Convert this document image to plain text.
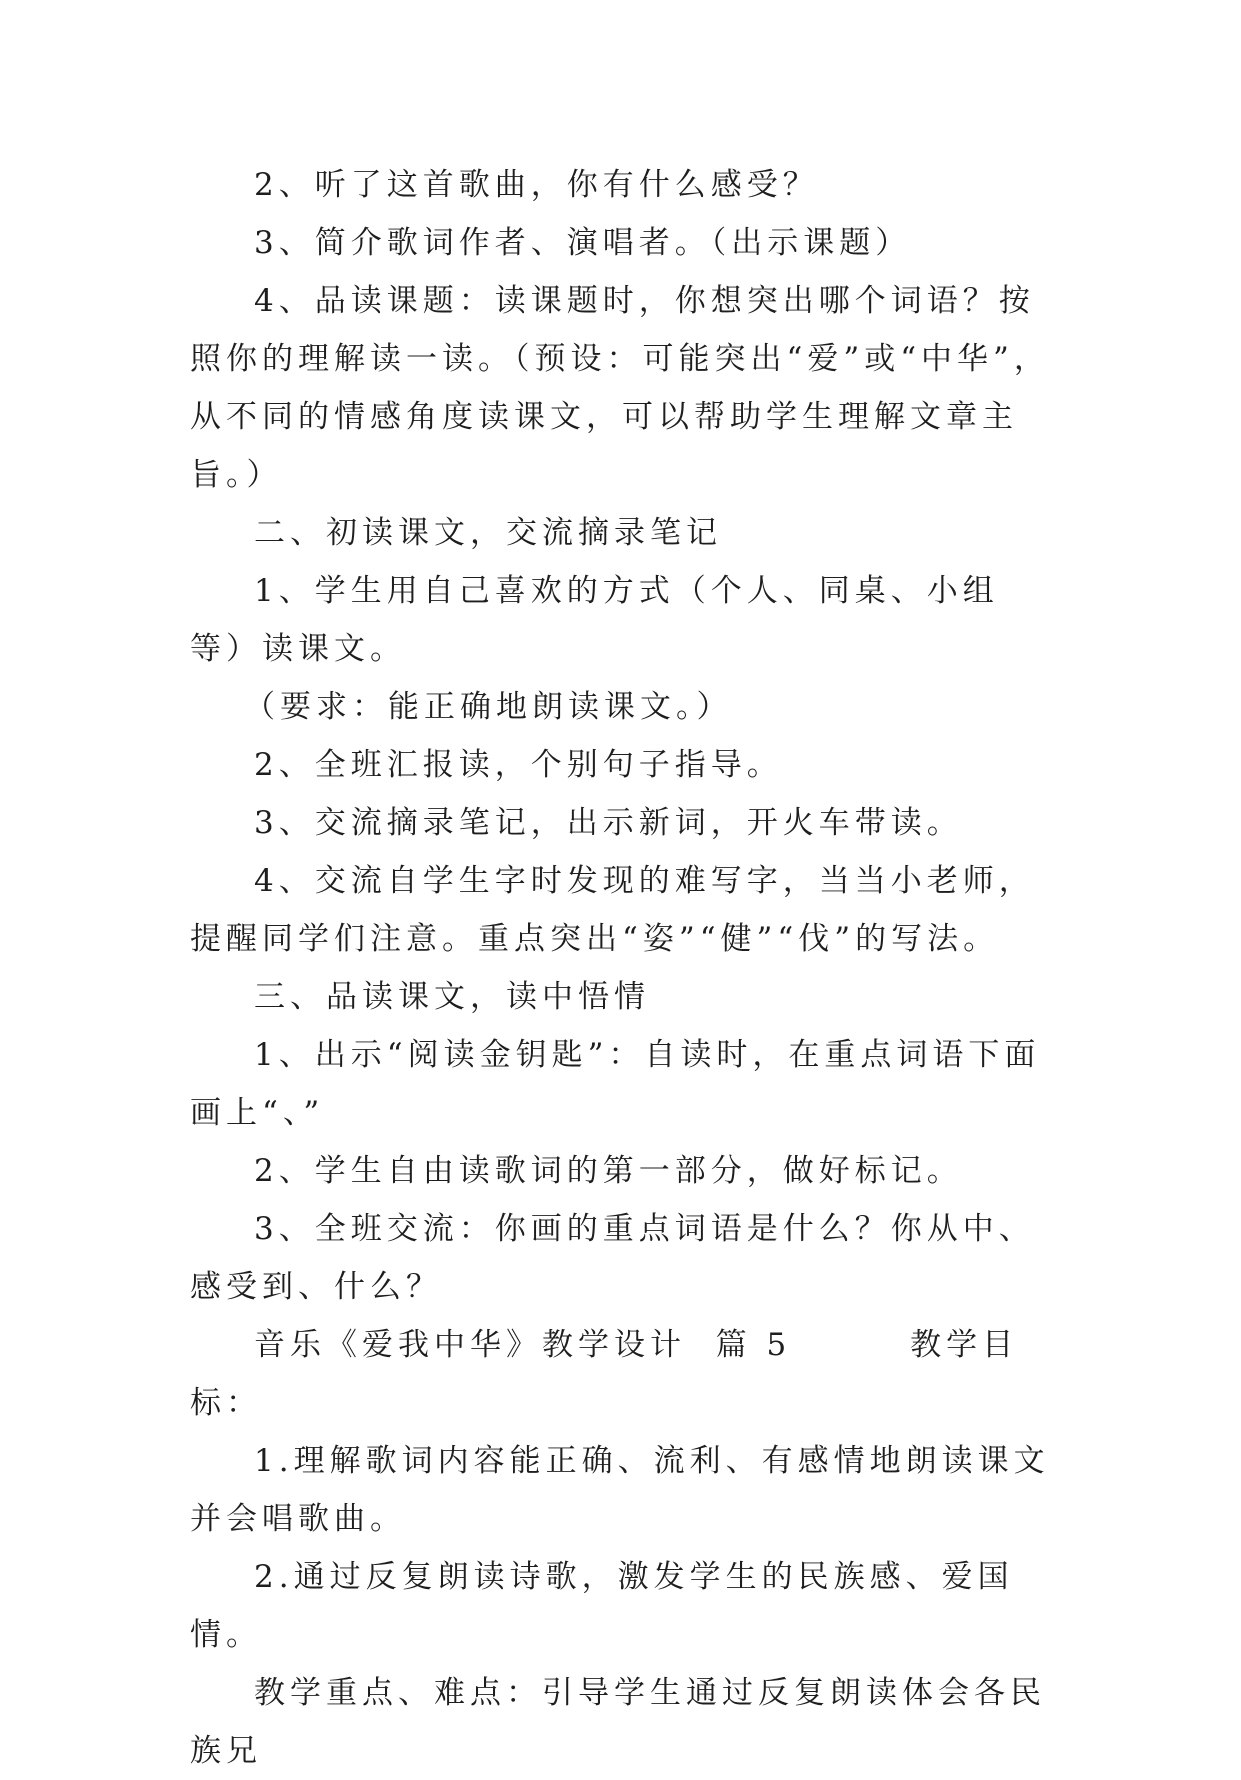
2、听了这首歌曲，你有什么感受？

3、简介歌词作者、演唱者。（出示课题）

4、品读课题：读课题时，你想突出哪个词语？按照你的理解读一读。（预设：可能突出“爱”或“中华”，从不同的情感角度读课文，可以帮助学生理解文章主旨。）

二、初读课文，交流摘录笔记

1、学生用自己喜欢的方式（个人、同桌、小组等）读课文。

（要求：能正确地朗读课文。）

2、全班汇报读，个别句子指导。

3、交流摘录笔记，出示新词，开火车带读。

4、交流自学生字时发现的难写字，当当小老师，提醒同学们注意。重点突出“姿”“健”“伐”的写法。

三、品读课文，读中悟情

1、出示“阅读金钥匙”：自读时，在重点词语下面画上“、”

2、学生自由读歌词的第一部分，做好标记。

3、全班交流：你画的重点词语是什么？你从中、感受到、什么？

音乐《爱我中华》教学设计  篇 5        教学目标：

1.理解歌词内容能正确、流利、有感情地朗读课文并会唱歌曲。

2.通过反复朗读诗歌，激发学生的民族感、爱国情。

教学重点、难点：引导学生通过反复朗读体会各民族兄
